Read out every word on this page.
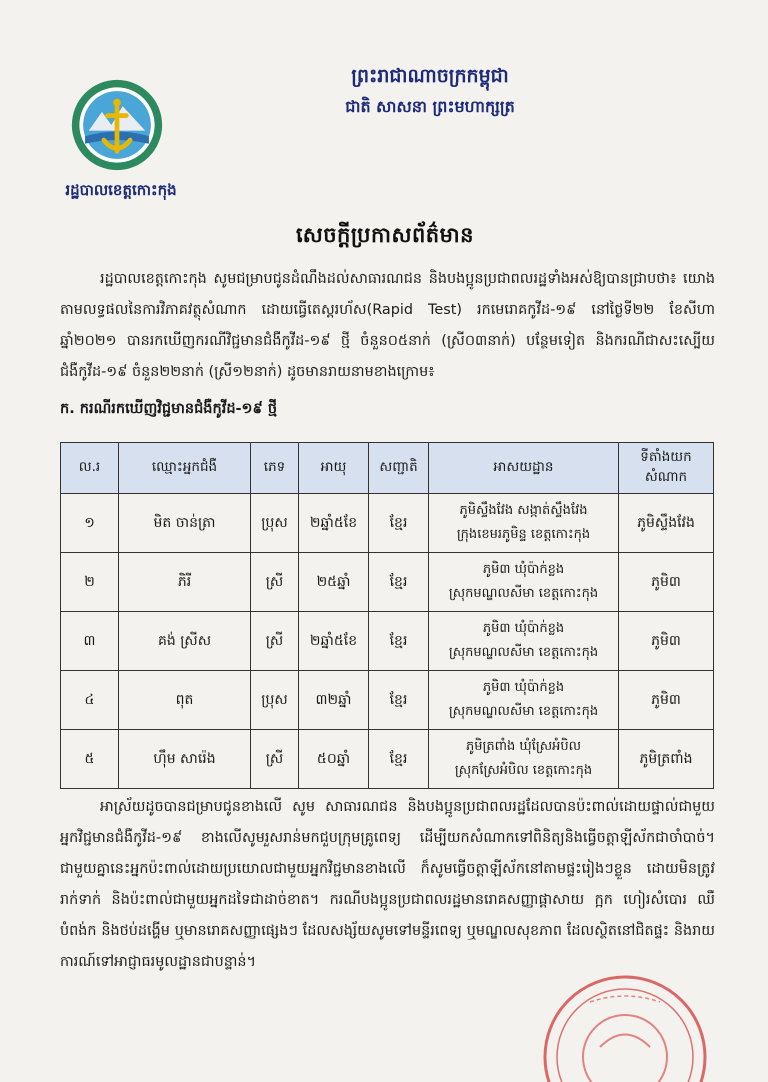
ព្រះរាជាណាចក្រកម្ពុជា
ជាតិ សាសនា ព្រះមហាក្សត្រ
រដ្ឋបាលខេត្តកោះកុង
សេចក្តីប្រកាសព័ត៌មាន
រដ្ឋបាលខេត្តកោះកុង សូមជម្រាបជូនដំណឹងដល់សាធារណជន និងបងប្អូនប្រជាពលរដ្ឋទាំងអស់ឱ្យបានជ្រាបថា៖ យោងតាមលទ្ធផលនៃការវិភាគវត្ថុសំណាក ដោយធ្វើតេស្តរហ័ស(Rapid Test) រកមេរោគកូវីដ-១៩ នៅថ្ងៃទី២២ ខែសីហា ឆ្នាំ២០២១ បានរកឃើញករណីវិជ្ជមានជំងឺកូវីដ-១៩ ថ្មី ចំនួន០៥នាក់ (ស្រី០៣នាក់) បន្ថែមទៀត និងករណីជាសះស្បើយជំងឺកូវីដ-១៩ ចំនួន២២នាក់ (ស្រី១២នាក់) ដូចមានរាយនាមខាងក្រោម៖
ក. ករណីរកឃើញវិជ្ជមានជំងឺកូវីដ-១៩ ថ្មី
ល.រ	ឈ្មោះអ្នកជំងឺ	ភេទ	អាយុ	សញ្ជាតិ	អាសយដ្ឋាន	ទីតាំងយកសំណាក
១	មិត ចាន់ត្រា	ប្រុស	២ឆ្នាំ៥ខែ	ខ្មែរ	ភូមិស្ទឹងវែង សង្កាត់ស្ទឹងវែង
ក្រុងខេមរភូមិន្ទ ខេត្តកោះកុង	ភូមិស្ទឹងវែង
២	ភិរី	ស្រី	២៥ឆ្នាំ	ខ្មែរ	ភូមិ៣ ឃុំប៉ាក់ខ្លង
ស្រុកមណ្ឌលសីមា ខេត្តកោះកុង	ភូមិ៣
៣	គង់ ស្រីស	ស្រី	២ឆ្នាំ៥ខែ	ខ្មែរ	ភូមិ៣ ឃុំប៉ាក់ខ្លង
ស្រុកមណ្ឌលសីមា ខេត្តកោះកុង	ភូមិ៣
៤	ពុត	ប្រុស	៣២ឆ្នាំ	ខ្មែរ	ភូមិ៣ ឃុំប៉ាក់ខ្លង
ស្រុកមណ្ឌលសីមា ខេត្តកោះកុង	ភូមិ៣
៥	ហ៊ឹម សារ៉េង	ស្រី	៥០ឆ្នាំ	ខ្មែរ	ភូមិត្រពាំង ឃុំស្រែអំបិល
ស្រុកស្រែអំបិល ខេត្តកោះកុង	ភូមិត្រពាំង
អាស្រ័យដូចបានជម្រាបជូនខាងលើ សូម សាធារណជន និងបងប្អូនប្រជាពលរដ្ឋដែលបានប៉ះពាល់ដោយផ្ទាល់ជាមួយអ្នកវិជ្ជមានជំងឺកូវីដ-១៩ ខាងលើសូមរួសរាន់មកជួបក្រុមគ្រូពេទ្យ ដើម្បីយកសំណាកទៅពិនិត្យនិងធ្វើចត្តាឡីស័កជាចាំបាច់។ ជាមួយគ្នានេះអ្នកប៉ះពាល់ដោយប្រយោលជាមួយអ្នកវិជ្ជមានខាងលើ ក៏សូមធ្វើចត្តាឡីស័កនៅតាមផ្ទះរៀងៗខ្លួន ដោយមិនត្រូវរាក់ទាក់ និងប៉ះពាល់ជាមួយអ្នកដទៃជាដាច់ខាត។ ករណីបងប្អូនប្រជាពលរដ្ឋមានរោគសញ្ញាផ្តាសាយ ក្អក ហៀរសំបោរ ឈឺបំពង់ក និងថប់ដង្ហើម ឬមានរោគសញ្ញាផ្សេងៗ ដែលសង្ស័យសូមទៅមន្ទីរពេទ្យ ឬមណ្ឌលសុខភាព ដែលស្ថិតនៅជិតផ្ទះ និងរាយការណ៍ទៅអាជ្ញាធរមូលដ្ឋានជាបន្ទាន់។
